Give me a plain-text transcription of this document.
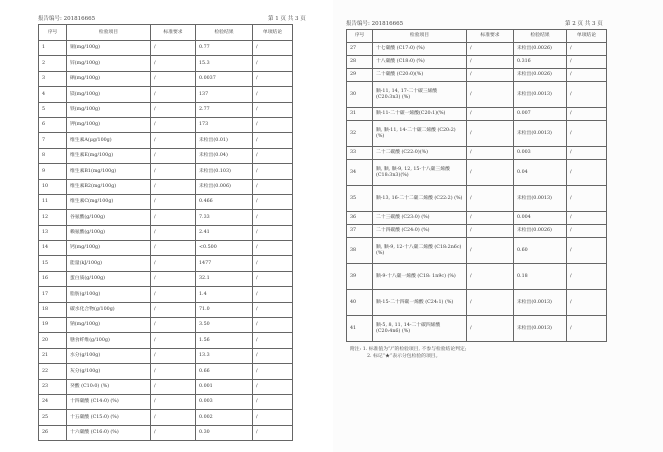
报告编号: 201816665	第 1 页 共 3 页
序号	检验项目	标准要求	检验结果	单项结论
1	铜(mg/100g)	/	0.77	/
2	锌(mg/100g)	/	15.3	/
3	硒(mg/100g)	/	0.0037	/
4	镁(mg/100g)	/	137	/
5	铁(mg/100g)	/	2.77	/
6	钾(mg/100g)	/	173	/
7	维生素A(μg/100g)	/	未检出(0.01)	/
8	维生素E(mg/100g)	/	未检出(0.04)	/
9	维生素B1(mg/100g)	/	未检出(0.103)	/
10	维生素B2(mg/100g)	/	未检出(0.006)	/
11	维生素C(mg/100g)	/	0.466	/
12	谷氨酸(g/100g)	/	7.33	/
13	赖氨酸(g/100g)	/	2.41	/
14	钙(mg/100g)	/	<0.500	/
15	能量(kJ/100g)	/	1477	/
16	蛋白质(g/100g)	/	32.1	/
17	脂肪(g/100g)	/	1.4	/
18	碳水化合物(g/100g)	/	71.0	/
19	钠(mg/100g)	/	3.50	/
20	膳食纤维(g/100g)	/	1.56	/
21	水分(g/100g)	/	13.3	/
22	灰分(g/100g)	/	0.66	/
23	癸酸 (C10:0) (%)	/	0.001	/
24	十四碳酸 (C14:0) (%)	/	0.003	/
25	十五碳酸 (C15:0) (%)	/	0.002	/
26	十六碳酸 (C16:0) (%)	/	0.30	/
报告编号: 201816665	第 2 页 共 3 页
序号	检验项目	标准要求	检验结果	单项结论
27	十七碳酸 (C17:0) (%)	/	未检出(0.0026)	/
28	十八碳酸 (C18:0) (%)	/	0.316	/
29	二十碳酸 (C20:0)(%)	/	未检出(0.0026)	/
30	顺-11, 14, 17-二十碳三烯酸 (C20:3n3) (%)	/	未检出(0.0013)	/
31	顺-11-二十碳一烯酸(C20:1)(%)	/	0.007	/
32	顺, 顺-11, 14-二十碳二烯酸 (C20:2) (%)	/	未检出(0.0013)	/
33	二十二碳酸 (C22:0)(%)	/	0.003	/
34	顺, 顺, 顺-9, 12, 15-十八碳三烯酸 (C18:3n3)(%)	/	0.04	/
35	顺-13, 16-二十二碳二烯酸 (C22:2) (%)	/	未检出(0.0013)	/
36	二十三碳酸 (C23:0) (%)	/	0.004	/
37	二十四碳酸 (C24:0) (%)	/	未检出(0.0026)	/
38	顺, 顺-9, 12-十八碳二烯酸 (C18:2n6c) (%)	/	0.60	/
39	顺-9-十八碳一烯酸 (C18: 1n9c) (%)	/	0.18	/
40	顺-15-二十四碳一烯酸 (C24:1) (%)	/	未检出(0.0013)	/
41	顺-5, 8, 11, 14-二十碳四烯酸 (C20:4n6) (%)	/	未检出(0.0013)	/
附注: 1. 标准值为“/”的检验项目, 不参与检验结论判定;
2. 标记“★”表示分包检验的项目。
